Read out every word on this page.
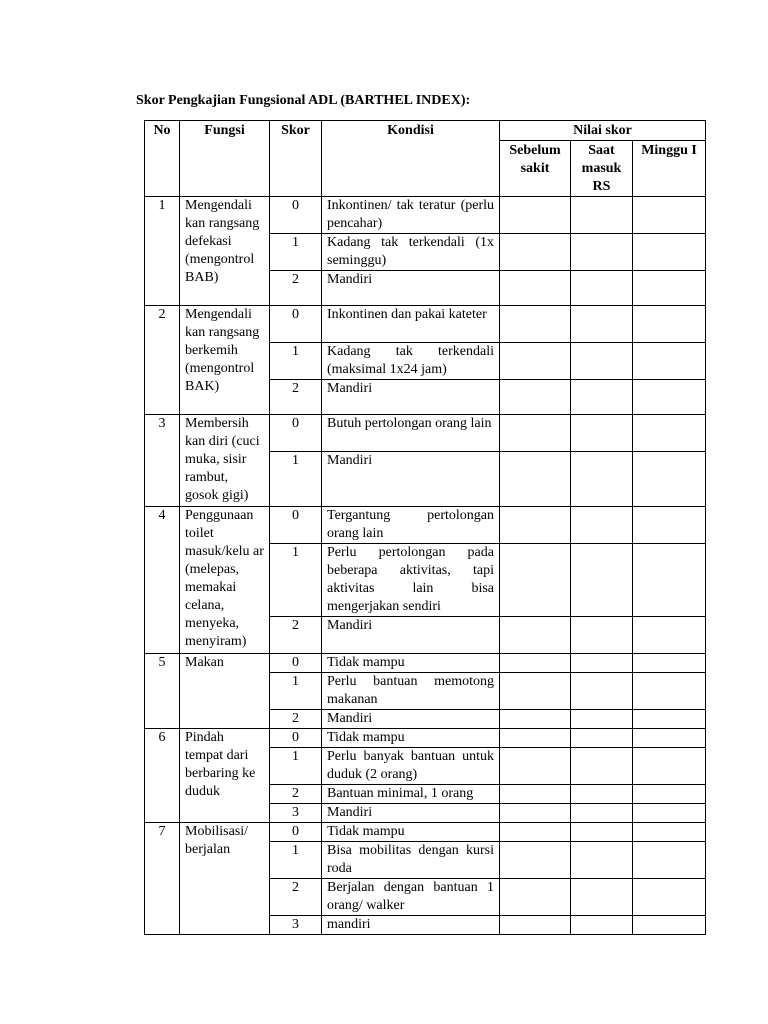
Skor Pengkajian Fungsional ADL (BARTHEL INDEX):
No	Fungsi	Skor	Kondisi	Nilai skor		
				Sebelum sakit	Saat masuk RS	Minggu I
1	Mengendali kan rangsang defekasi (mengontrol BAB)	0	Inkontinen/ tak teratur (perlu pencahar)			
		1	Kadang tak terkendali (1x seminggu)			
		2	Mandiri			
2	Mengendali kan rangsang berkemih (mengontrol BAK)	0	Inkontinen dan pakai kateter			
		1	Kadang tak terkendali (maksimal 1x24 jam)			
		2	Mandiri			
3	Membersih kan diri (cuci muka, sisir rambut, gosok gigi)	0	Butuh pertolongan orang lain			
		1	Mandiri			
4	Penggunaan toilet masuk/kelu ar (melepas, memakai celana, menyeka, menyiram)	0	Tergantung pertolongan orang lain			
		1	Perlu pertolongan pada beberapa aktivitas, tapi aktivitas lain bisa mengerjakan sendiri			
		2	Mandiri			
5	Makan	0	Tidak mampu			
		1	Perlu bantuan memotong makanan			
		2	Mandiri			
6	Pindah tempat dari berbaring ke duduk	0	Tidak mampu			
		1	Perlu banyak bantuan untuk duduk (2 orang)			
		2	Bantuan minimal, 1 orang			
		3	Mandiri			
7	Mobilisasi/ berjalan	0	Tidak mampu			
		1	Bisa mobilitas dengan kursi roda			
		2	Berjalan dengan bantuan 1 orang/ walker			
		3	mandiri			
